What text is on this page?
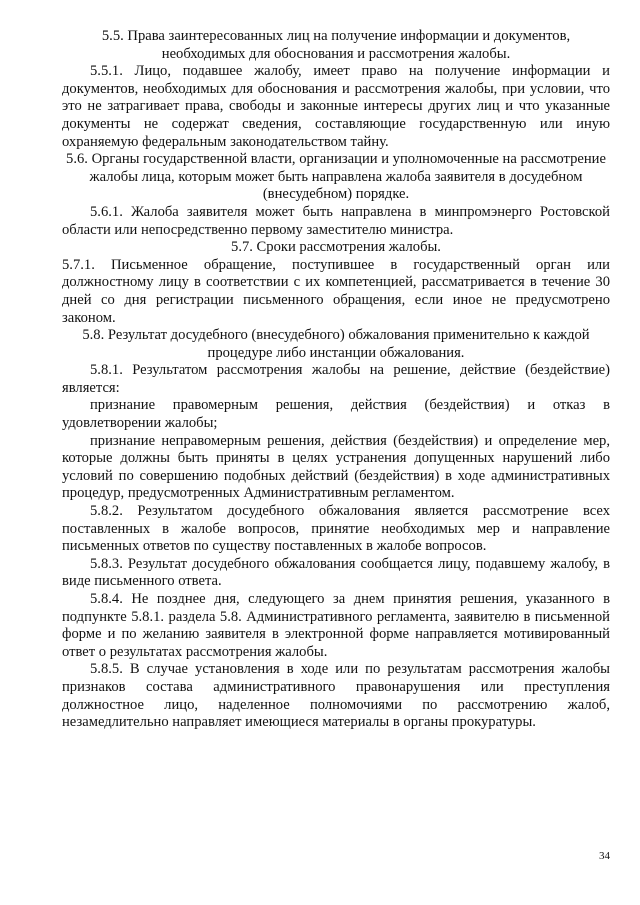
5.5. Права заинтересованных лиц на получение информации и документов, необходимых для обоснования и рассмотрения жалобы.

5.5.1. Лицо, подавшее жалобу, имеет право на получение информации и документов, необходимых для обоснования и рассмотрения жалобы, при условии, что это не затрагивает права, свободы и законные интересы других лиц и что указанные документы не содержат сведения, составляющие государственную или иную охраняемую федеральным законодательством тайну.

5.6. Органы государственной власти, организации и уполномоченные на рассмотрение жалобы лица, которым может быть направлена жалоба заявителя в досудебном (внесудебном) порядке.

5.6.1. Жалоба заявителя может быть направлена в минпромэнерго Ростовской области или непосредственно первому заместителю министра.

5.7. Сроки рассмотрения жалобы.

5.7.1. Письменное обращение, поступившее в государственный орган или должностному лицу в соответствии с их компетенцией, рассматривается в течение 30 дней со дня регистрации письменного обращения, если иное не предусмотрено законом.

5.8. Результат досудебного (внесудебного) обжалования применительно к каждой процедуре либо инстанции обжалования.

5.8.1. Результатом рассмотрения жалобы на решение, действие (бездействие) является:

признание правомерным решения, действия (бездействия) и отказ в удовлетворении жалобы;

признание неправомерным решения, действия (бездействия) и определение мер, которые должны быть приняты в целях устранения допущенных нарушений либо условий по совершению подобных действий (бездействия) в ходе административных процедур, предусмотренных Административным регламентом.

5.8.2. Результатом досудебного обжалования является рассмотрение всех поставленных в жалобе вопросов, принятие необходимых мер и направление письменных ответов по существу поставленных в жалобе вопросов.

5.8.3. Результат досудебного обжалования сообщается лицу, подавшему жалобу, в виде письменного ответа.

5.8.4. Не позднее дня, следующего за днем принятия решения, указанного в подпункте 5.8.1. раздела 5.8. Административного регламента, заявителю в письменной форме и по желанию заявителя в электронной форме направляется мотивированный ответ о результатах рассмотрения жалобы.

5.8.5. В случае установления в ходе или по результатам рассмотрения жалобы признаков состава административного правонарушения или преступления должностное лицо, наделенное полномочиями по рассмотрению жалоб, незамедлительно направляет имеющиеся материалы в органы прокуратуры.

34
